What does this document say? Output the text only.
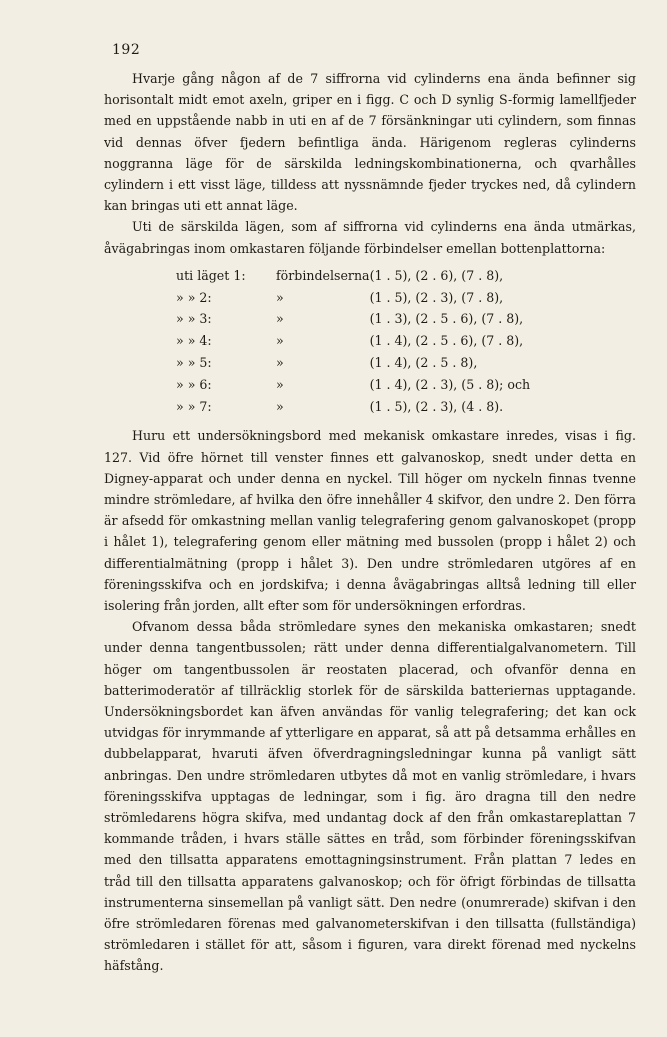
192

Hvarje gång någon af de 7 siffrorna vid cylinderns ena ända befinner sig horisontalt midt emot axeln, griper en i figg. C och D synlig S-formig lamellfjeder med en uppstående nabb in uti en af de 7 försänkningar uti cylindern, som finnas vid dennas öfver fjedern befintliga ända. Härigenom regleras cylinderns noggranna läge för de särskilda ledningskombinationerna, och qvarhålles cylindern i ett visst läge, tilldess att nyssnämnde fjeder tryckes ned, då cylindern kan bringas uti ett annat läge.

Uti de särskilda lägen, som af siffrorna vid cylinderns ena ända utmärkas, åvägabringas inom omkastaren följande förbindelser emellan bottenplattorna:

uti läget 1:	förbindelserna	(1 . 5), (2 . 6), (7 . 8),
» » 2:	»	(1 . 5), (2 . 3), (7 . 8),
» » 3:	»	(1 . 3), (2 . 5 . 6), (7 . 8),
» » 4:	»	(1 . 4), (2 . 5 . 6), (7 . 8),
» » 5:	»	(1 . 4), (2 . 5 . 8),
» » 6:	»	(1 . 4), (2 . 3), (5 . 8); och
» » 7:	»	(1 . 5), (2 . 3), (4 . 8).

Huru ett undersökningsbord med mekanisk omkastare inredes, visas i fig. 127. Vid öfre hörnet till venster finnes ett galvanoskop, snedt under detta en Digney-apparat och under denna en nyckel. Till höger om nyckeln finnas tvenne mindre strömledare, af hvilka den öfre innehåller 4 skifvor, den undre 2. Den förra är afsedd för omkastning mellan vanlig telegrafering genom galvanoskopet (propp i hålet 1), telegrafering genom eller mätning med bussolen (propp i hålet 2) och differentialmätning (propp i hålet 3). Den undre strömledaren utgöres af en föreningsskifva och en jordskifva; i denna åvägabringas alltså ledning till eller isolering från jorden, allt efter som för undersökningen erfordras.

Ofvanom dessa båda strömledare synes den mekaniska omkastaren; snedt under denna tangentbussolen; rätt under denna differentialgalvanometern. Till höger om tangentbussolen är reostaten placerad, och ofvanför denna en batterimoderatör af tillräcklig storlek för de särskilda batteriernas upptagande. Undersökningsbordet kan äfven användas för vanlig telegrafering; det kan ock utvidgas för inrymmande af ytterligare en apparat, så att på detsamma erhålles en dubbelapparat, hvaruti äfven öfverdragningsledningar kunna på vanligt sätt anbringas. Den undre strömledaren utbytes då mot en vanlig strömledare, i hvars föreningsskifva upptagas de ledningar, som i fig. äro dragna till den nedre strömledarens högra skifva, med undantag dock af den från omkastareplattan 7 kommande tråden, i hvars ställe sättes en tråd, som förbinder föreningsskifvan med den tillsatta apparatens emottagningsinstrument. Från plattan 7 ledes en tråd till den tillsatta apparatens galvanoskop; och för öfrigt förbindas de tillsatta instrumenterna sinsemellan på vanligt sätt. Den nedre (onumrerade) skifvan i den öfre strömledaren förenas med galvanometerskifvan i den tillsatta (fullständiga) strömledaren i stället för att, såsom i figuren, vara direkt förenad med nyckelns häfstång.
